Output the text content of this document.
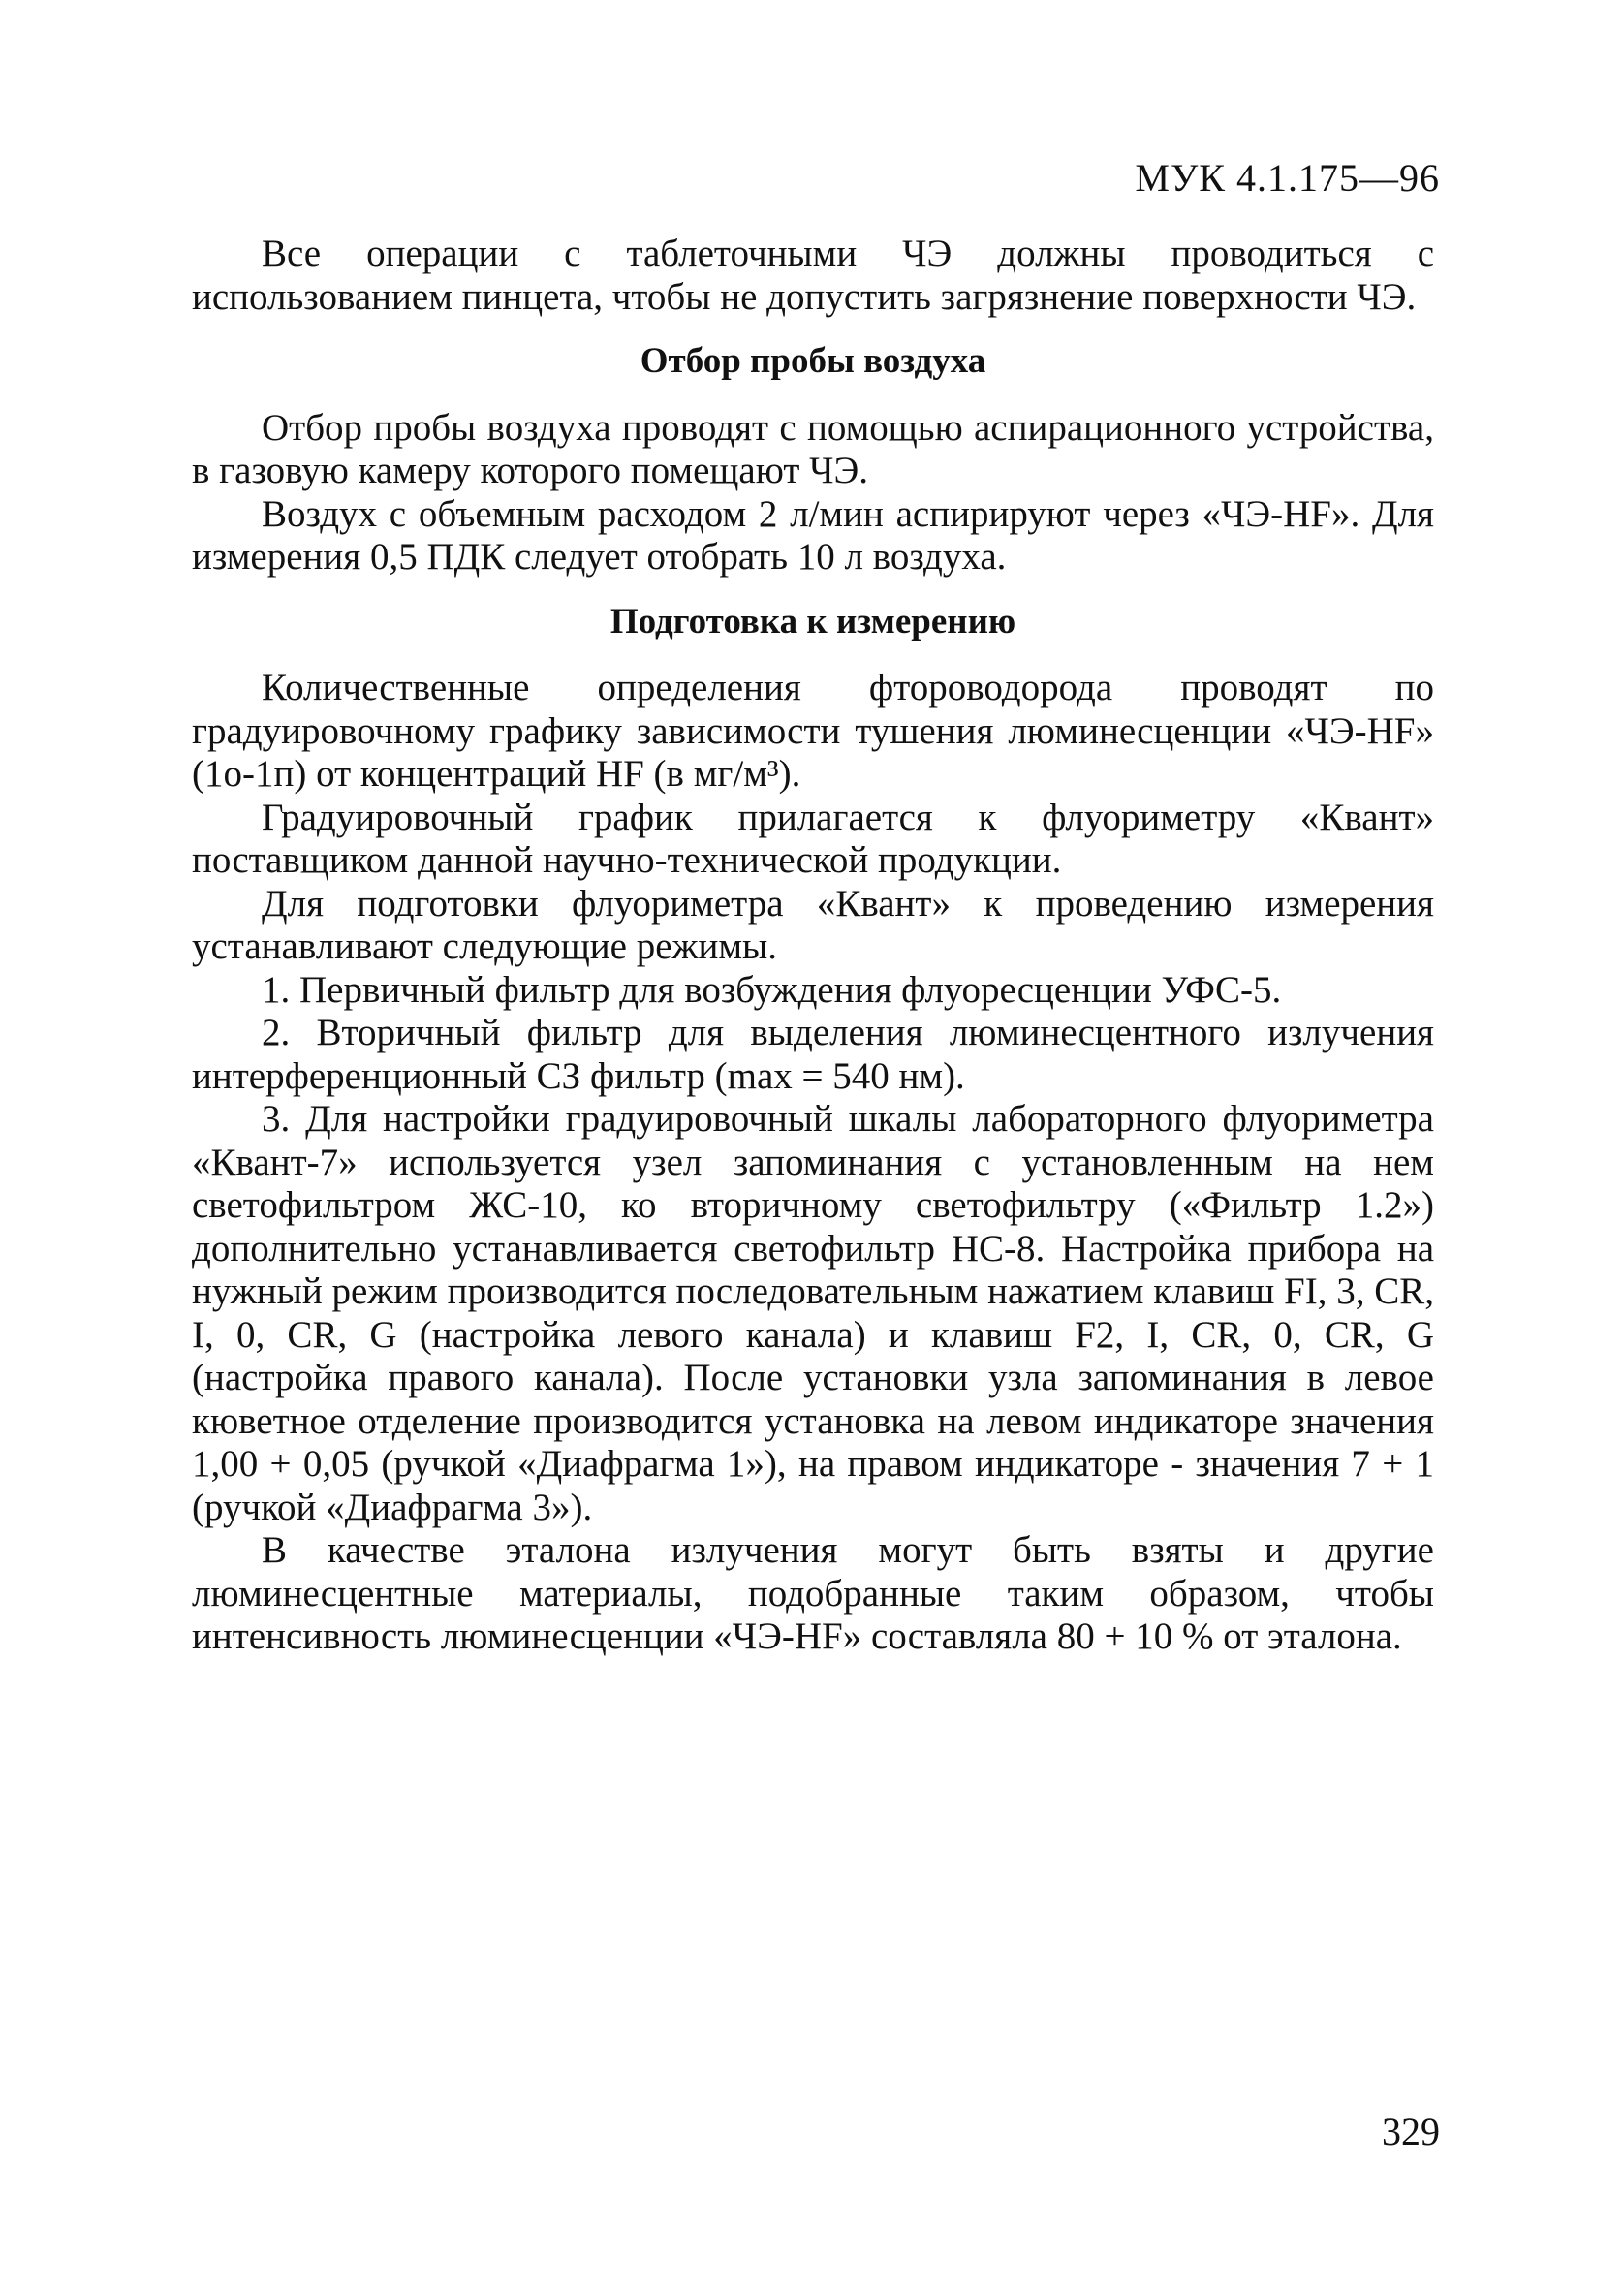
МУК 4.1.175—96

Все операции с таблеточными ЧЭ должны проводиться с использованием пинцета, чтобы не допустить загрязнение поверхности ЧЭ.

Отбор пробы воздуха

Отбор пробы воздуха проводят с помощью аспирационного устройства, в газовую камеру которого помещают ЧЭ.

Воздух с объемным расходом 2 л/мин аспирируют через «ЧЭ-HF». Для измерения 0,5 ПДК следует отобрать 10 л воздуха.

Подготовка к измерению

Количественные определения фтороводорода проводят по градуировочному графику зависимости тушения люминесценции «ЧЭ-HF» (1о-1п) от концентраций HF (в мг/м³).

Градуировочный график прилагается к флуориметру «Квант» поставщиком данной научно-технической продукции.

Для подготовки флуориметра «Квант» к проведению измерения устанавливают следующие режимы.

1. Первичный фильтр для возбуждения флуоресценции УФС-5.

2. Вторичный фильтр для выделения люминесцентного излучения интерференционный СЗ фильтр (max = 540 нм).

3. Для настройки градуировочный шкалы лабораторного флуориметра «Квант-7» используется узел запоминания с установленным на нем светофильтром ЖС-10, ко вторичному светофильтру («Фильтр 1.2») дополнительно устанавливается светофильтр НС-8. Настройка прибора на нужный режим производится последовательным нажатием клавиш FI, 3, CR, I, 0, CR, G (настройка левого канала) и клавиш F2, I, CR, 0, CR, G (настройка правого канала). После установки узла запоминания в левое кюветное отделение производится установка на левом индикаторе значения 1,00 + 0,05 (ручкой «Диафрагма 1»), на правом индикаторе - значения 7 + 1 (ручкой «Диафрагма 3»).

В качестве эталона излучения могут быть взяты и другие люминесцентные материалы, подобранные таким образом, чтобы интенсивность люминесценции «ЧЭ-HF» составляла 80 + 10 % от эталона.

329
